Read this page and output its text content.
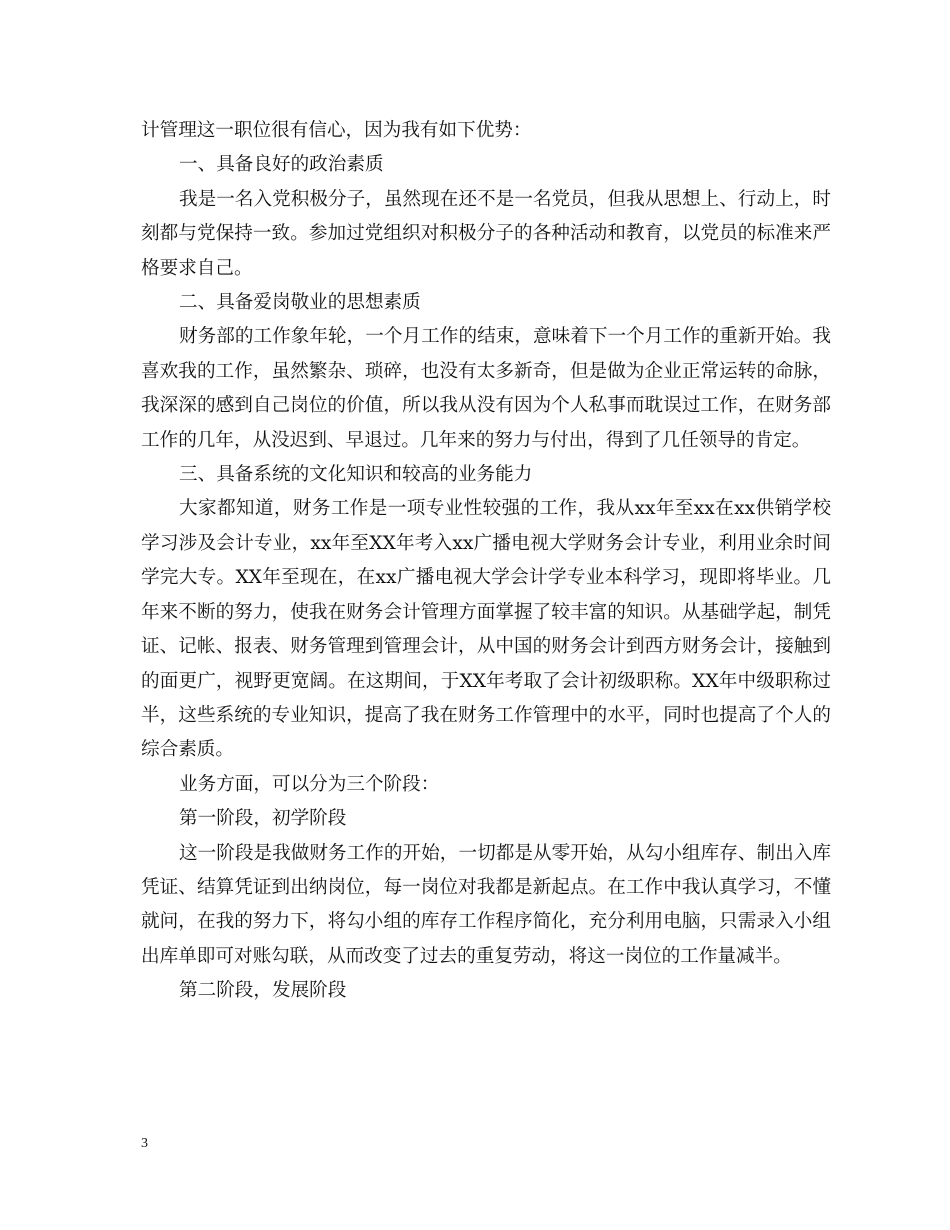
计管理这一职位很有信心，因为我有如下优势：

一、具备良好的政治素质

我是一名入党积极分子，虽然现在还不是一名党员，但我从思想上、行动上，时刻都与党保持一致。参加过党组织对积极分子的各种活动和教育，以党员的标准来严格要求自己。

二、具备爱岗敬业的思想素质

财务部的工作象年轮，一个月工作的结束，意味着下一个月工作的重新开始。我喜欢我的工作，虽然繁杂、琐碎，也没有太多新奇，但是做为企业正常运转的命脉，我深深的感到自己岗位的价值，所以我从没有因为个人私事而耽误过工作，在财务部工作的几年，从没迟到、早退过。几年来的努力与付出，得到了几任领导的肯定。

三、具备系统的文化知识和较高的业务能力

大家都知道，财务工作是一项专业性较强的工作，我从xx年至xx在xx供销学校学习涉及会计专业，xx年至XX年考入xx广播电视大学财务会计专业，利用业余时间学完大专。XX年至现在，在xx广播电视大学会计学专业本科学习，现即将毕业。几年来不断的努力，使我在财务会计管理方面掌握了较丰富的知识。从基础学起，制凭证、记帐、报表、财务管理到管理会计，从中国的财务会计到西方财务会计，接触到的面更广，视野更宽阔。在这期间，于XX年考取了会计初级职称。XX年中级职称过半，这些系统的专业知识，提高了我在财务工作管理中的水平，同时也提高了个人的综合素质。

业务方面，可以分为三个阶段：

第一阶段，初学阶段

这一阶段是我做财务工作的开始，一切都是从零开始，从勾小组库存、制出入库凭证、结算凭证到出纳岗位，每一岗位对我都是新起点。在工作中我认真学习，不懂就问，在我的努力下，将勾小组的库存工作程序简化，充分利用电脑，只需录入小组出库单即可对账勾联，从而改变了过去的重复劳动，将这一岗位的工作量减半。

第二阶段，发展阶段

3
